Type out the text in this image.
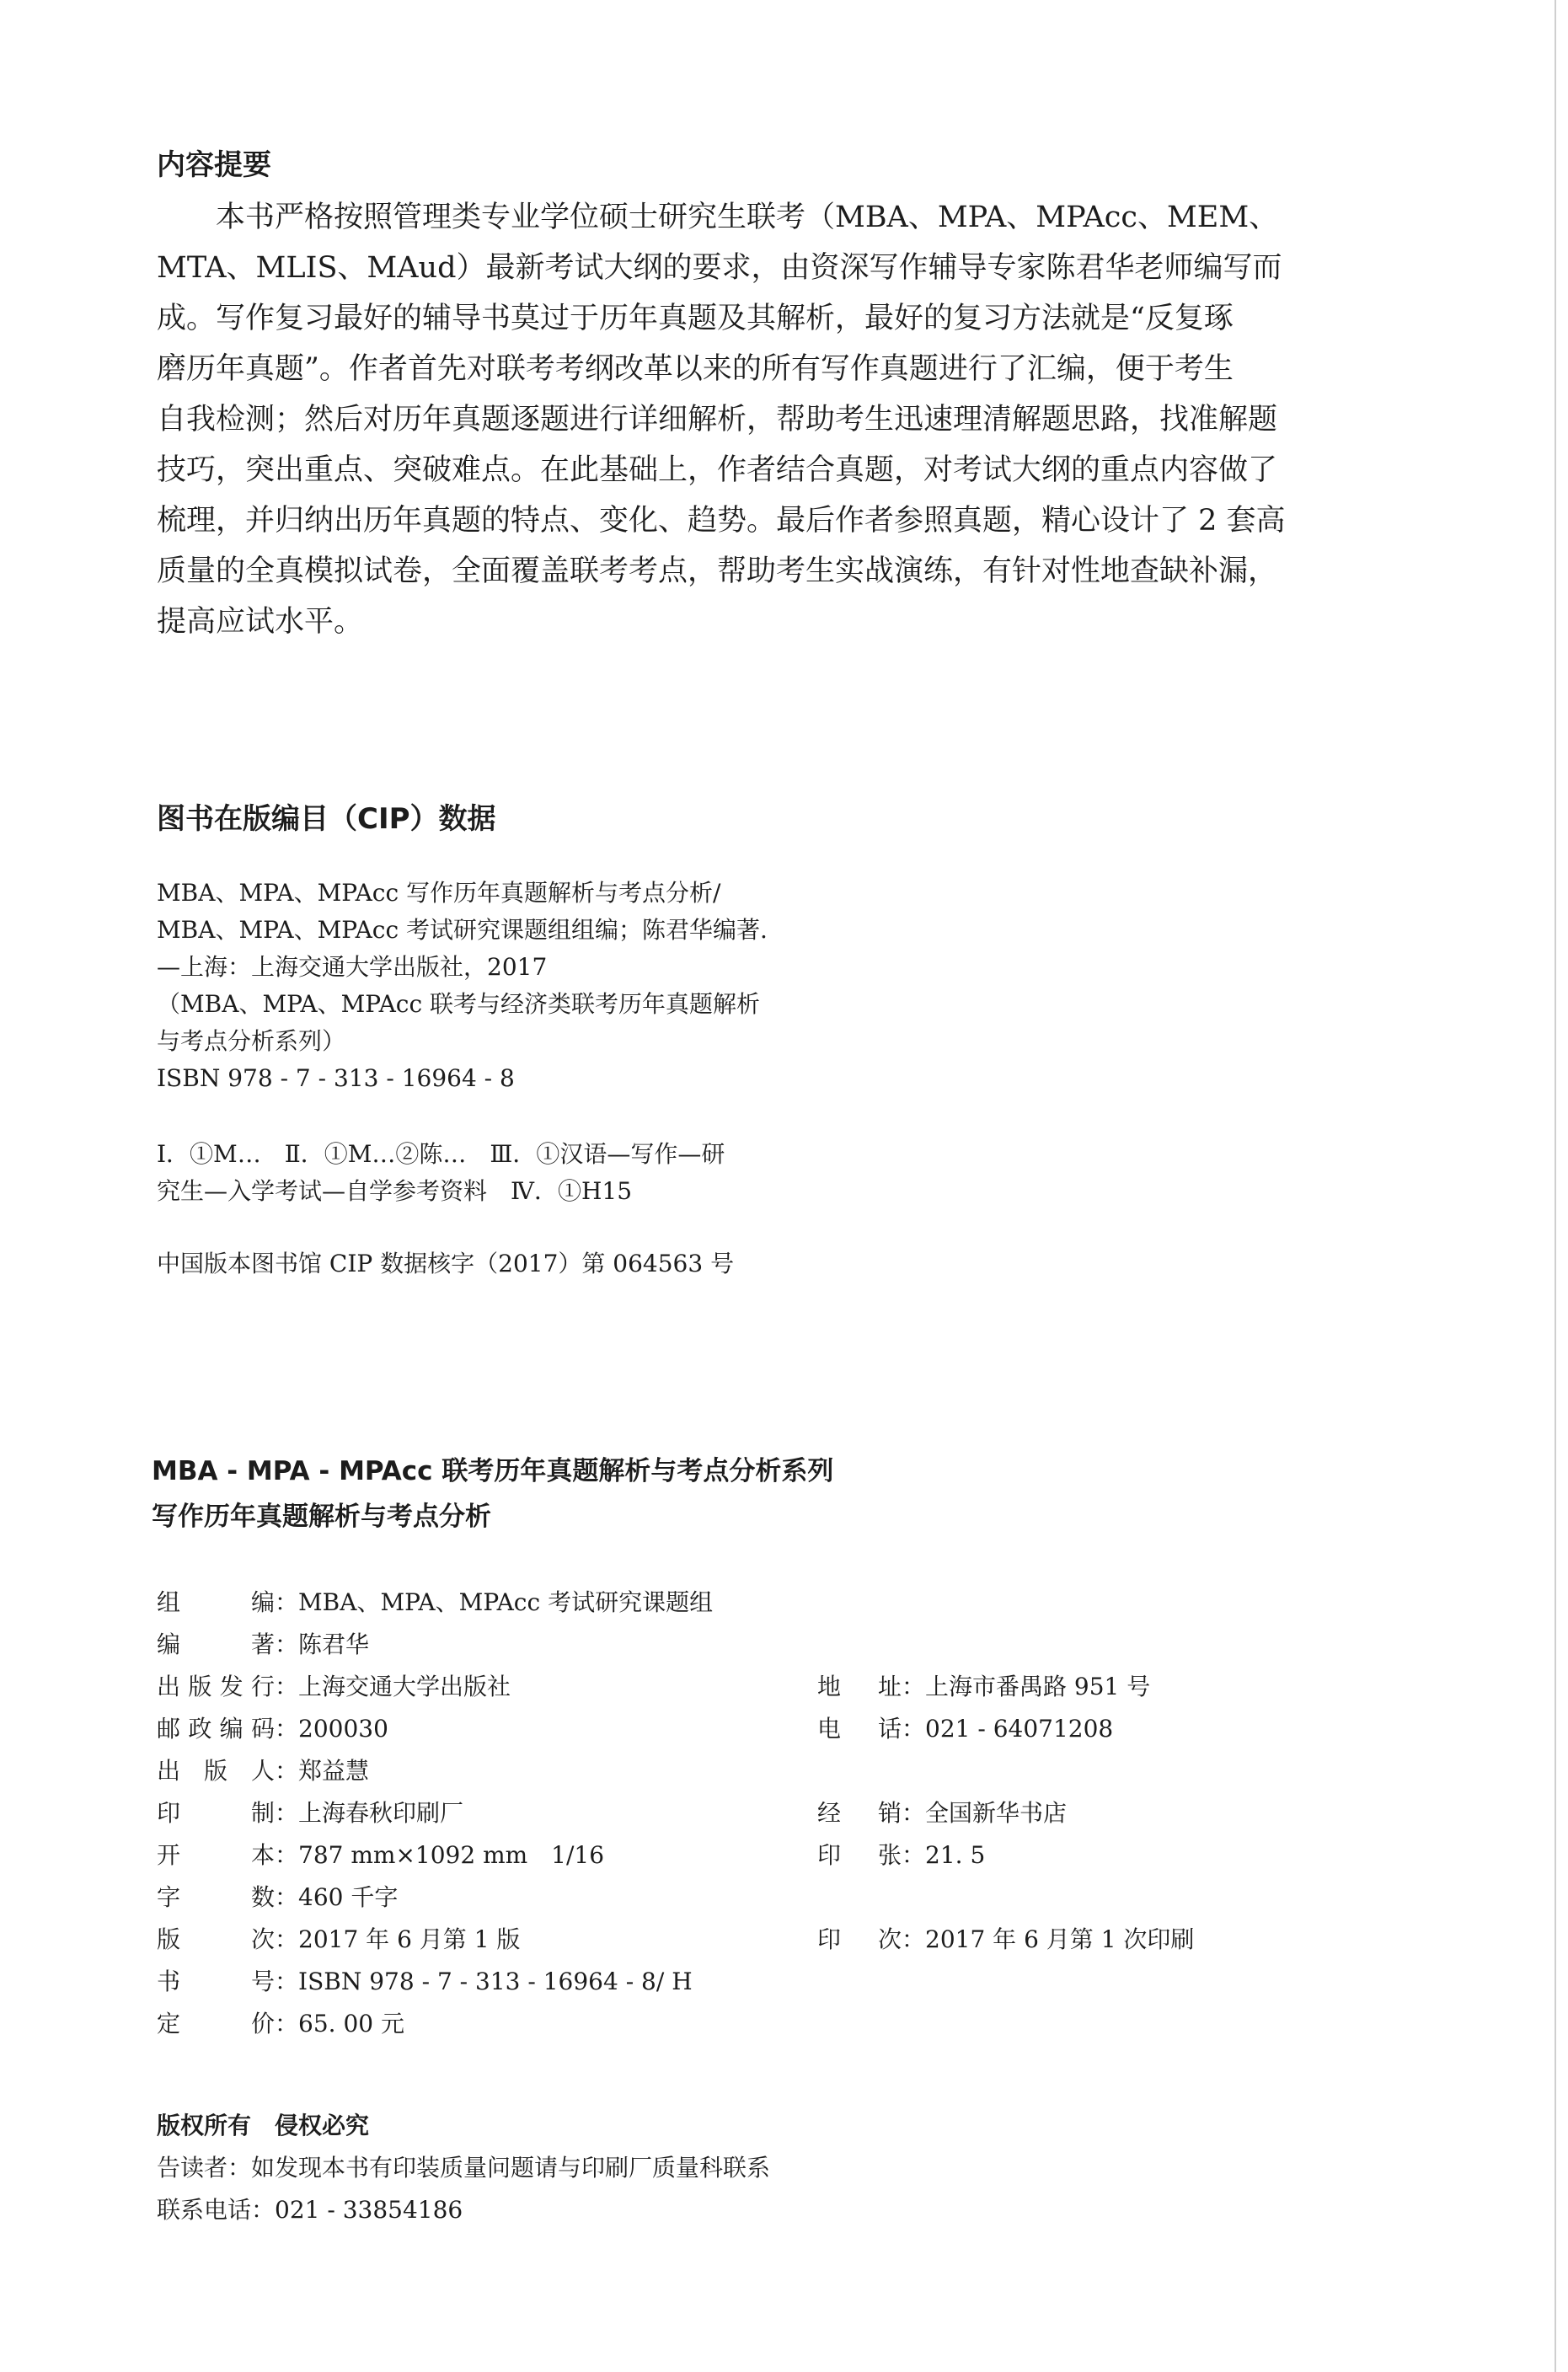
内容提要
本书严格按照管理类专业学位硕士研究生联考（MBA、MPA、MPAcc、MEM、
MTA、MLIS、MAud）最新考试大纲的要求，由资深写作辅导专家陈君华老师编写而
成。写作复习最好的辅导书莫过于历年真题及其解析，最好的复习方法就是“反复琢
磨历年真题”。作者首先对联考考纲改革以来的所有写作真题进行了汇编，便于考生
自我检测；然后对历年真题逐题进行详细解析，帮助考生迅速理清解题思路，找准解题
技巧，突出重点、突破难点。在此基础上，作者结合真题，对考试大纲的重点内容做了
梳理，并归纳出历年真题的特点、变化、趋势。最后作者参照真题，精心设计了 2 套高
质量的全真模拟试卷，全面覆盖联考考点，帮助考生实战演练，有针对性地查缺补漏，
提高应试水平。
图书在版编目（CIP）数据
MBA、MPA、MPAcc 写作历年真题解析与考点分析/
MBA、MPA、MPAcc 考试研究课题组组编；陈君华编著.
—上海：上海交通大学出版社，2017
（MBA、MPA、MPAcc 联考与经济类联考历年真题解析
与考点分析系列）
ISBN 978 - 7 - 313 - 16964 - 8
Ⅰ．①M…　Ⅱ．①M…②陈…　Ⅲ．①汉语—写作—研
究生—入学考试—自学参考资料　Ⅳ．①H15
中国版本图书馆 CIP 数据核字（2017）第 064563 号
MBA - MPA - MPAcc 联考历年真题解析与考点分析系列
写作历年真题解析与考点分析
组编：MBA、MPA、MPAcc 考试研究课题组
编著：陈君华
出版发行：上海交通大学出版社	地址：上海市番禺路 951 号
邮政编码：200030	电话：021 - 64071208
出版人：郑益慧
印制：上海春秋印刷厂	经销：全国新华书店
开本：787 mm×1092 mm　1/16	印张：21. 5
字数：460 千字
版次：2017 年 6 月第 1 版	印次：2017 年 6 月第 1 次印刷
书号：ISBN 978 - 7 - 313 - 16964 - 8/ H
定价：65. 00 元
版权所有　侵权必究
告读者：如发现本书有印装质量问题请与印刷厂质量科联系
联系电话：021 - 33854186
